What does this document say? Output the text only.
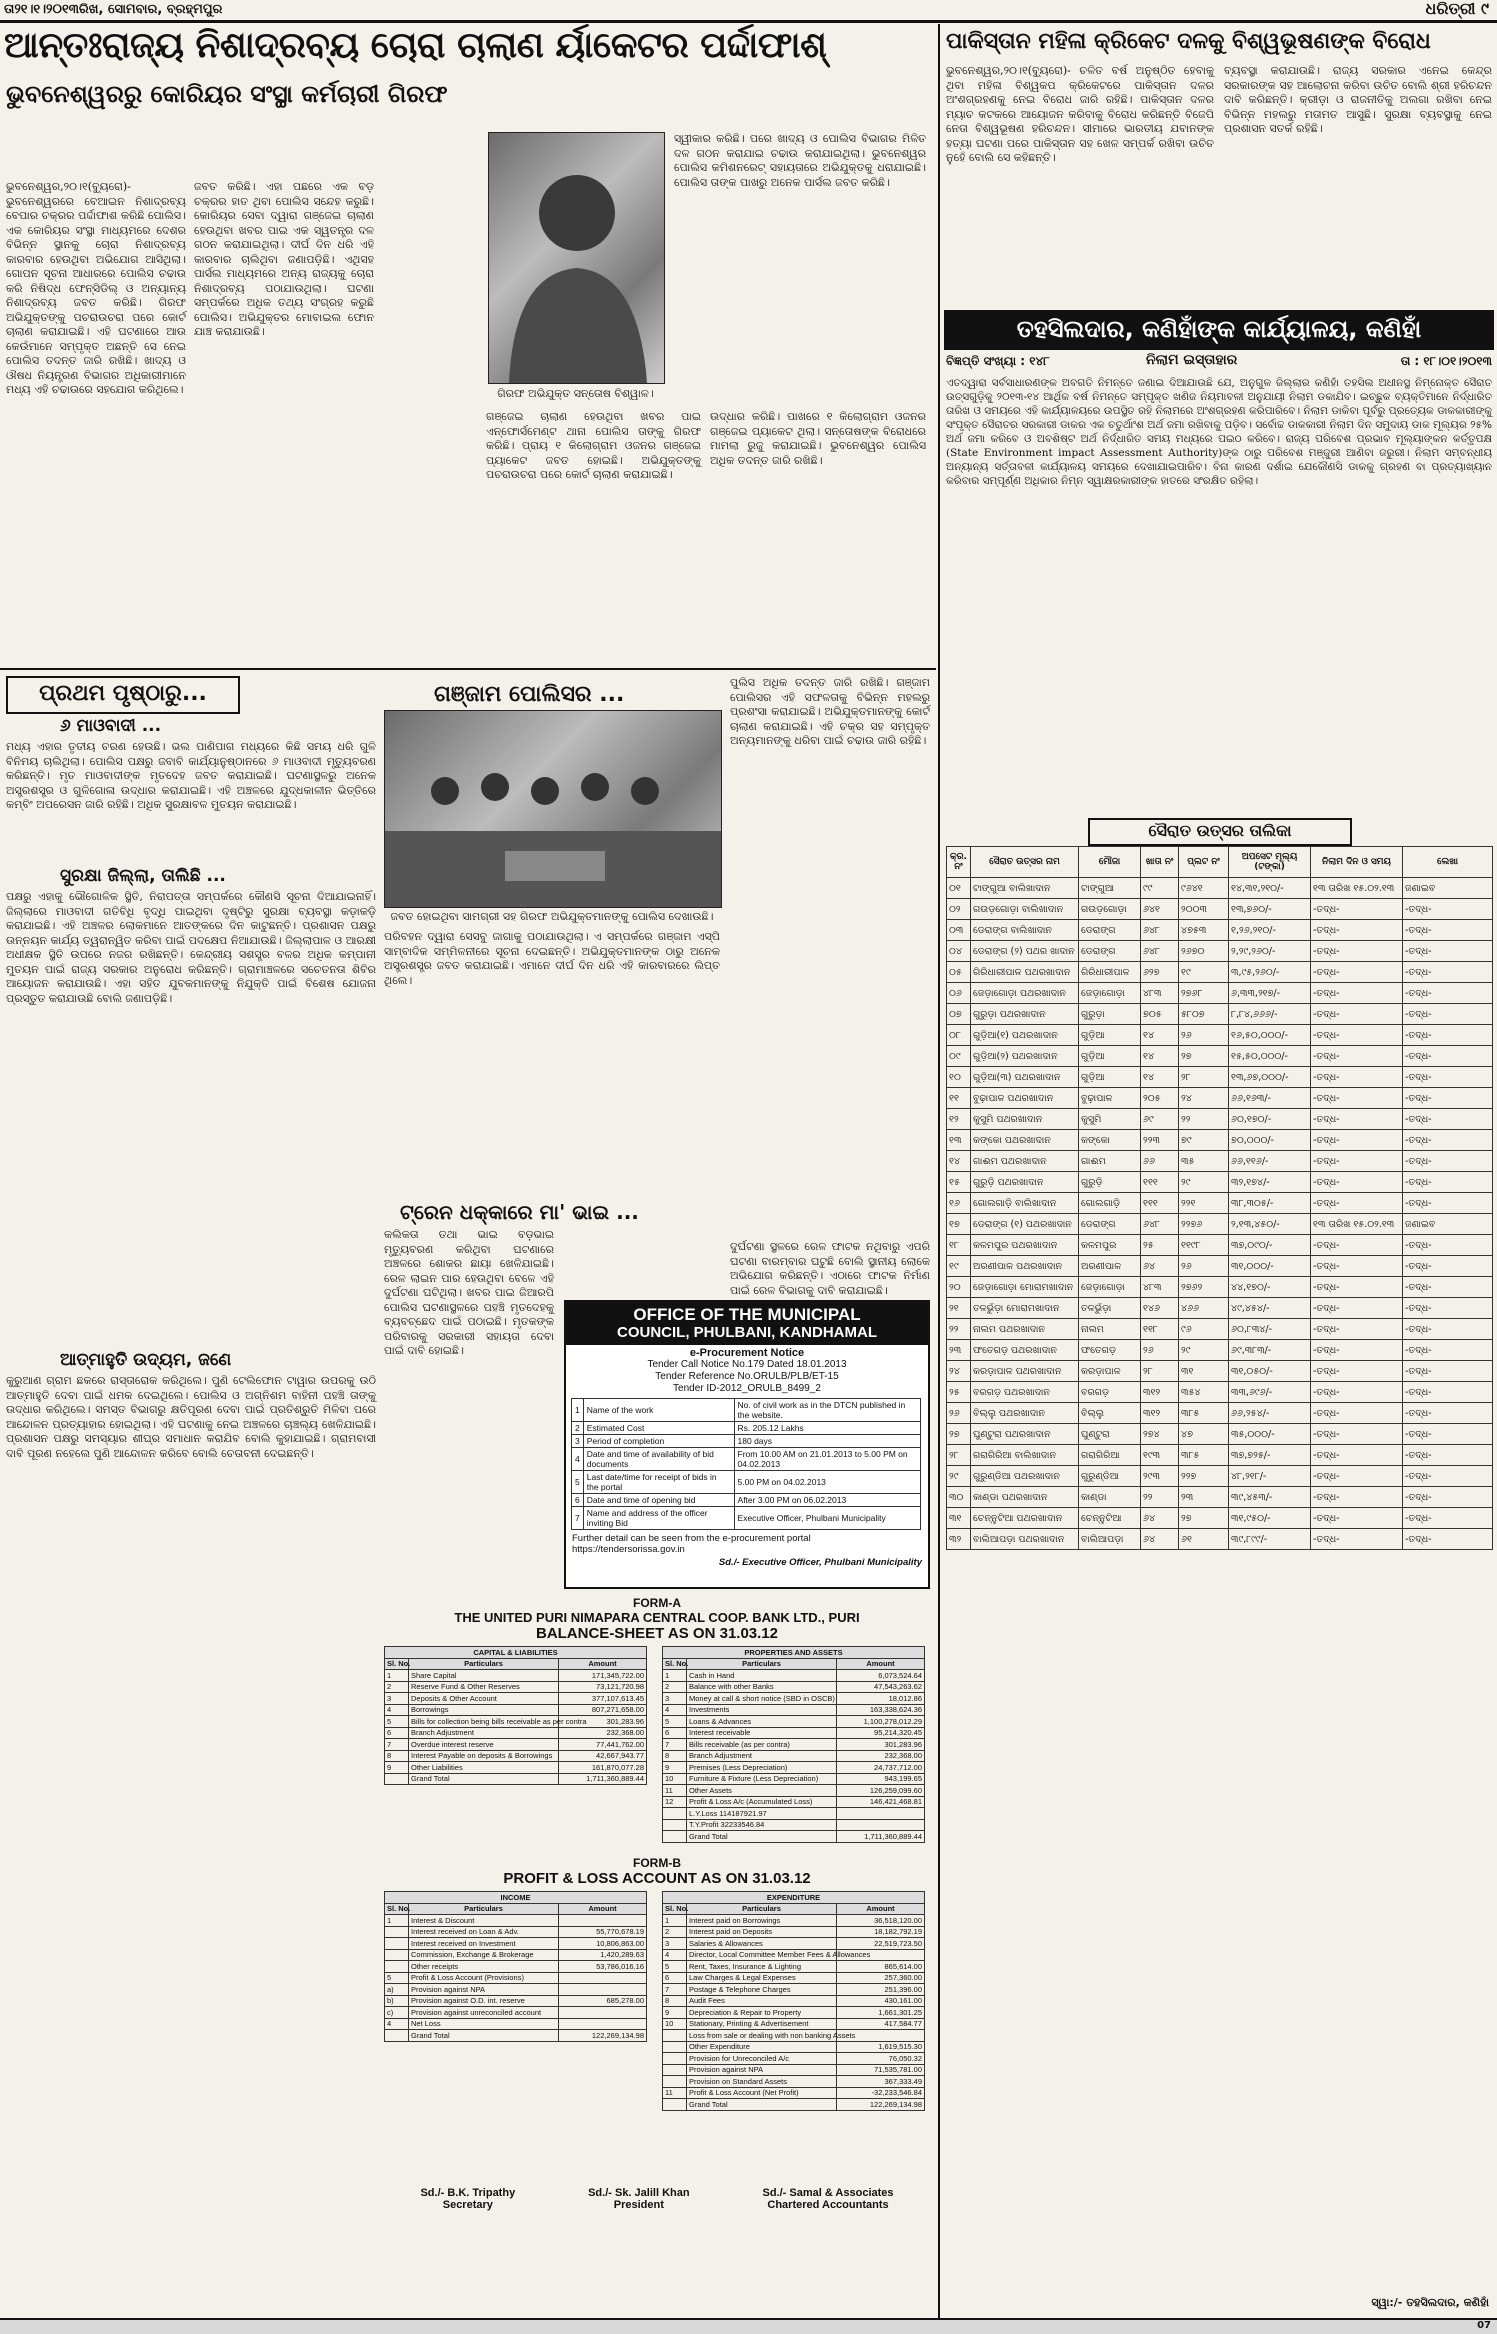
ତା୨୧।୧।୨୦୧୩ରିଖ, ସୋମବାର, ବ୍ରହ୍ମପୁର	ଧରିତ୍ରୀ ୯
ଆନ୍ତଃରାଜ୍ୟ ନିଶାଦ୍ରବ୍ୟ ଚୋରା ଚାଲାଣ ର୍ୟାକେଟର ପର୍ଦ୍ଦାଫାଶ୍
ଭୁବନେଶ୍ୱରରୁ କୋରିୟର ସଂସ୍ଥା କର୍ମଚାରୀ ଗିରଫ
ଭୁବନେଶ୍ୱର,୨୦।୧(ବ୍ୟୁରୋ)- ଭୁବନେଶ୍ୱରରେ ବେଆଇନ ନିଶାଦ୍ରବ୍ୟ ବେପାର ଚକ୍ରର ପର୍ଦ୍ଦାଫାଶ କରିଛି ପୋଲିସ। ଏକ କୋରିୟର ସଂସ୍ଥା ମାଧ୍ୟମରେ ଦେଶର ବିଭିନ୍ନ ସ୍ଥାନକୁ ଚୋରା ନିଶାଦ୍ରବ୍ୟ କାରବାର ହେଉଥିବା ଅଭିଯୋଗ ଆସିଥିଲା। ଗୋପନ ସୂଚନା ଆଧାରରେ ପୋଲିସ ଚଢାଉ କରି ନିଷିଦ୍ଧ ଫେନ୍ସିଡିଲ୍ ଓ ଅନ୍ୟାନ୍ୟ ନିଶାଦ୍ରବ୍ୟ ଜବତ କରିଛି। ଗିରଫ ଅଭିଯୁକ୍ତଙ୍କୁ ପଚରାଉଚରା ପରେ କୋର୍ଟ ଚାଲାଣ କରାଯାଇଛି। ଏହି ଘଟଣାରେ ଆଉ କେଉଁମାନେ ସମ୍ପୃକ୍ତ ଅଛନ୍ତି ସେ ନେଇ ପୋଲିସ ତଦନ୍ତ ଜାରି ରଖିଛି। ଖାଦ୍ୟ ଓ ଔଷଧ ନିୟନ୍ତ୍ରଣ ବିଭାଗର ଅଧିକାରୀମାନେ ମଧ୍ୟ ଏହି ଚଢାଉରେ ସହଯୋଗ କରିଥିଲେ।
ଜବତ କରିଛି। ଏହା ପଛରେ ଏକ ବଡ଼ ଚକ୍ରର ହାତ ଥିବା ପୋଲିସ ସନ୍ଦେହ କରୁଛି। କୋରିୟର ସେବା ଦ୍ୱାରା ଗଞ୍ଜେଇ ଚାଲାଣ ହେଉଥିବା ଖବର ପାଇ ଏକ ସ୍ୱତନ୍ତ୍ର ଦଳ ଗଠନ କରାଯାଇଥିଲା। ଦୀର୍ଘ ଦିନ ଧରି ଏହି କାରବାର ଚାଲିଥିବା ଜଣାପଡ଼ିଛି। ଏଥିସହ ପାର୍ସଲ ମାଧ୍ୟମରେ ଅନ୍ୟ ରାଜ୍ୟକୁ ଚୋରା ନିଶାଦ୍ରବ୍ୟ ପଠାଯାଉଥିଲା। ଘଟଣା ସମ୍ପର୍କରେ ଅଧିକ ତଥ୍ୟ ସଂଗ୍ରହ କରୁଛି ପୋଲିସ। ଅଭିଯୁକ୍ତର ମୋବାଇଲ ଫୋନ ଯାଞ୍ଚ କରାଯାଉଛି।
ଗିରଫ ଅଭିଯୁକ୍ତ ସନ୍ତୋଷ ବିଶ୍ୱାଳ।
ସ୍ୱୀକାର କରିଛି। ପରେ ଖାଦ୍ୟ ଓ ପୋଲିସ ବିଭାଗର ମିଳିତ ଦଳ ଗଠନ କରାଯାଇ ଚଢାଉ କରାଯାଇଥିଲା। ଭୁବନେଶ୍ୱର ପୋଲିସ କମିଶନରେଟ୍ ସହାୟତାରେ ଅଭିଯୁକ୍ତକୁ ଧରାଯାଇଛି। ପୋଲିସ ତାଙ୍କ ପାଖରୁ ଅନେକ ପାର୍ସଲ ଜବତ କରିଛି।
ଗଞ୍ଜେଇ ଚାଲାଣ ହେଉଥିବା ଖବର ପାଇ ଏନ୍ଫୋର୍ସମେଣ୍ଟ ଥାନା ପୋଲିସ ତାଙ୍କୁ ଗିରଫ କରିଛି। ପ୍ରାୟ ୧ କିଲୋଗ୍ରାମ ଓଜନର ଗଞ୍ଜେଇ ପ୍ୟାକେଟ ଜବତ ହୋଇଛି। ଅଭିଯୁକ୍ତଙ୍କୁ ପଚରାଉଚରା ପରେ କୋର୍ଟ ଚାଲାଣ କରାଯାଇଛି।
ଉଦ୍ଧାର କରିଛି। ପାଖରେ ୧ କିଲୋଗ୍ରାମ ଓଜନର ଗଞ୍ଜେଇ ପ୍ୟାକେଟ ଥିଲା। ସନ୍ତୋଷଙ୍କ ବିରୋଧରେ ମାମଲା ରୁଜୁ କରାଯାଇଛି। ଭୁବନେଶ୍ୱର ପୋଲିସ ଅଧିକ ତଦନ୍ତ ଜାରି ରଖିଛି।
ପାକିସ୍ତାନ ମହିଳା କ୍ରିକେଟ ଦଳକୁ ବିଶ୍ୱଭୂଷଣଙ୍କ ବିରୋଧ
ଭୁବନେଶ୍ୱର,୨୦।୧(ବ୍ୟୁରୋ)- ଚଳିତ ବର୍ଷ ଅନୁଷ୍ଠିତ ହେବାକୁ ଥିବା ମହିଳା ବିଶ୍ୱକପ କ୍ରିକେଟରେ ପାକିସ୍ତାନ ଦଳର ଅଂଶଗ୍ରହଣକୁ ନେଇ ବିରୋଧ ଜାରି ରହିଛି। ପାକିସ୍ତାନ ଦଳର ମ୍ୟାଚ କଟକରେ ଆୟୋଜନ କରିବାକୁ ବିରୋଧ କରିଛନ୍ତି ବିଜେପି ନେତା ବିଶ୍ୱଭୂଷଣ ହରିଚନ୍ଦନ। ସୀମାରେ ଭାରତୀୟ ଯବାନଙ୍କ ହତ୍ୟା ଘଟଣା ପରେ ପାକିସ୍ତାନ ସହ ଖେଳ ସମ୍ପର୍କ ରଖିବା ଉଚିତ ନୁହେଁ ବୋଲି ସେ କହିଛନ୍ତି।
ବ୍ୟବସ୍ଥା କରାଯାଉଛି। ରାଜ୍ୟ ସରକାର ଏନେଇ କେନ୍ଦ୍ର ସରକାରଙ୍କ ସହ ଆଲୋଚନା କରିବା ଉଚିତ ବୋଲି ଶ୍ରୀ ହରିଚନ୍ଦନ ଦାବି କରିଛନ୍ତି। କ୍ରୀଡ଼ା ଓ ରାଜନୀତିକୁ ଅଲଗା ରଖିବା ନେଇ ବିଭିନ୍ନ ମହଲରୁ ମତାମତ ଆସୁଛି। ସୁରକ୍ଷା ବ୍ୟବସ୍ଥାକୁ ନେଇ ପ୍ରଶାସନ ସତର୍କ ରହିଛି।
ତହସିଲଦାର, କଣିହାଁଙ୍କ କାର୍ଯ୍ୟାଳୟ, କଣିହାଁ
ବିଜ୍ଞପ୍ତି ସଂଖ୍ୟା : ୧୪୮	ନିଲାମ ଇସ୍ତାହାର	ତା : ୧୮।୦୧।୨୦୧୩
ଏତଦ୍ୱାରା ସର୍ବସାଧାରଣଙ୍କ ଅବଗତି ନିମନ୍ତେ ଜଣାଇ ଦିଆଯାଉଛି ଯେ, ଅନୁଗୁଳ ଜିଲ୍ଲାର କଣିହାଁ ତହସିଲ ଅଧୀନସ୍ଥ ନିମ୍ନୋକ୍ତ ସୈରାତ ଉତ୍ସଗୁଡ଼ିକୁ ୨୦୧୩-୧୪ ଆର୍ଥିକ ବର୍ଷ ନିମନ୍ତେ ସମ୍ପୃକ୍ତ ଖଣିଜ ନିୟମାବଳୀ ଅନୁଯାୟୀ ନିଲାମ ଡକାଯିବ। ଇଚ୍ଛୁକ ବ୍ୟକ୍ତିମାନେ ନିର୍ଦ୍ଧାରିତ ତାରିଖ ଓ ସମୟରେ ଏହି କାର୍ଯ୍ୟାଳୟରେ ଉପସ୍ଥିତ ରହି ନିଲାମରେ ଅଂଶଗ୍ରହଣ କରିପାରିବେ। ନିଲାମ ଡାକିବା ପୂର୍ବରୁ ପ୍ରତ୍ୟେକ ଡାକକାରୀଙ୍କୁ ସଂପୃକ୍ତ ସୈରାତର ସରକାରୀ ଡାକର ଏକ ଚତୁର୍ଥାଂଶ ଅର୍ଥ ଜମା ରଖିବାକୁ ପଡ଼ିବ। ସର୍ବୋଚ୍ଚ ଡାକକାରୀ ନିଲାମ ଦିନ ସମୁଦାୟ ଡାକ ମୂଲ୍ୟର ୨୫% ଅର୍ଥ ଜମା କରିବେ ଓ ଅବଶିଷ୍ଟ ଅର୍ଥ ନିର୍ଦ୍ଧାରିତ ସମୟ ମଧ୍ୟରେ ପଇଠ କରିବେ। ରାଜ୍ୟ ପରିବେଶ ପ୍ରଭାବ ମୂଲ୍ୟାଙ୍କନ କର୍ତ୍ତୃପକ୍ଷ (State Environment impact Assessment Authority)ଙ୍କ ଠାରୁ ପରିବେଶ ମଞ୍ଜୁରୀ ଆଣିବା ଜରୁରୀ। ନିଲାମ ସମ୍ବନ୍ଧୀୟ ଅନ୍ୟାନ୍ୟ ସର୍ତ୍ତାବଳୀ କାର୍ଯ୍ୟାଳୟ ସମୟରେ ଦେଖାଯାଇପାରିବ। ବିନା କାରଣ ଦର୍ଶାଇ ଯେକୌଣସି ଡାକକୁ ଗ୍ରହଣ ବା ପ୍ରତ୍ୟାଖ୍ୟାନ କରିବାର ସମ୍ପୂର୍ଣ୍ଣ ଅଧିକାର ନିମ୍ନ ସ୍ୱାକ୍ଷରକାରୀଙ୍କ ହାତରେ ସଂରକ୍ଷିତ ରହିଲା।
ସୈରାତ ଉତ୍ସର ତାଲିକା
କ୍ର. ନଂ	ସୈରାତ ଉତ୍ସର ନାମ	ମୌଜା	ଖାତା ନଂ	ପ୍ଲଟ ନଂ	ଅପସେଟ ମୂଲ୍ୟ (ଟଙ୍କା)	ନିଲାମ ଦିନ ଓ ସମୟ	ଲେଖା
୦୧	ଟାଙ୍ଗୁଆ ବାଲିଖାଦାନ	ଟାଙ୍ଗୁଆ	୯୯	୯୬୪୧	୧୪,୩୧,୨୧୦/-	୧୩ ତାରିଖ ୧୫.୦୨.୧୩	ଜଣାଇବ
୦୨	ଗଉଡ଼ଗୋଡ଼ା ବାଲିଖାଦାନ	ଗଉଡ଼ଗୋଡ଼ା	୬୪୧	୨୦୦୩	୧୩,୭୬୦/-	-ତଦ୍ଧ-	-ତଦ୍ଧ-
୦୩	ଡେରାଙ୍ଗ ବାଲିଖାଦାନ	ଡେରାଙ୍ଗ	୬୪୮	୪୭୫୩	୧,୨୬,୨୧୦/-	-ତଦ୍ଧ-	-ତଦ୍ଧ-
୦୪	ଡେରାଙ୍ଗ (୨) ପଥର ଖାଦାନ	ଡେରାଙ୍ଗ	୬୪୮	୨୬୭୦	୨,୨୯,୨୬୦/-	-ତଦ୍ଧ-	-ତଦ୍ଧ-
୦୫	ଗିରିଧାରୀପାଳ ପଥରଖାଦାନ	ଗିରିଧାରୀପାଳ	୬୨୭	୧୯	୩,୯୫,୨୬୦/-	-ତଦ୍ଧ-	-ତଦ୍ଧ-
୦୬	ଜେଡ଼ାଗୋଡ଼ା ପଥରଖାଦାନ	ଜେଡ଼ାଗୋଡ଼ା	୪୮୩	୨୭୬୮	୬,୩୩,୨୧୭/-	-ତଦ୍ଧ-	-ତଦ୍ଧ-
୦୭	ଗୁରୁଡ଼ା ପଥରଖାଦାନ	ଗୁରୁଡ଼ା	୭୦୫	୫୮୦୭	୮,୮୪,୬୬୬/-	-ତଦ୍ଧ-	-ତଦ୍ଧ-
୦୮	ଗୁଡ଼ିଆ(୧) ପଥରଖାଦାନ	ଗୁଡ଼ିଆ	୧୪	୨୬	୧୬,୫୦,୦୦୦/-	-ତଦ୍ଧ-	-ତଦ୍ଧ-
୦୯	ଗୁଡ଼ିଆ(୨) ପଥରଖାଦାନ	ଗୁଡ଼ିଆ	୧୪	୨୭	୧୫,୫୦,୦୦୦/-	-ତଦ୍ଧ-	-ତଦ୍ଧ-
୧୦	ଗୁଡ଼ିଆ(୩) ପଥରଖାଦାନ	ଗୁଡ଼ିଆ	୧୪	୨୮	୧୩,୬୭,୦୦୦/-	-ତଦ୍ଧ-	-ତଦ୍ଧ-
୧୧	ବୁଢ଼ାପାଳ ପଥରଖାଦାନ	ବୁଢ଼ାପାଳ	୨୦୫	୨୪	୬୬,୧୬୩/-	-ତଦ୍ଧ-	-ତଦ୍ଧ-
୧୨	କୁସୁମି ପଥରଖାଦାନ	କୁସୁମି	୬୯	୨୨	୬୦,୧୭୦/-	-ତଦ୍ଧ-	-ତଦ୍ଧ-
୧୩	କଙ୍କୋ ପଥରଖାଦାନ	କଙ୍କୋ	୨୨୩	୭୯	୭୦,୦୦୦/-	-ତଦ୍ଧ-	-ତଦ୍ଧ-
୧୪	ଗାଈମ ପଥରଖାଦାନ	ଗାଈମ	୬୬	୩୫	୬୬,୧୧୬/-	-ତଦ୍ଧ-	-ତଦ୍ଧ-
୧୫	ଗୁରୁଡ଼ି ପଥରଖାଦାନ	ଗୁରୁଡ଼ି	୧୧୧	୨୯	୩୨,୧୭୪/-	-ତଦ୍ଧ-	-ତଦ୍ଧ-
୧୬	ଗୋଲଗାଡ଼ି ବାଲିଖାଦାନ	ଗୋଲଗାଡ଼ି	୧୧୧	୨୨୧	୩୮,୩୦୫/-	-ତଦ୍ଧ-	-ତଦ୍ଧ-
୧୭	ଡେରାଙ୍ଗ (୧) ପଥରଖାଦାନ	ଡେରାଙ୍ଗ	୬୪୮	୨୨୭୬	୨,୧୩,୪୫୦/-	୧୩ ତାରିଖ ୧୫.୦୨.୧୩	ଜଣାଇବ
୧୮	କଳମପୁର ପଥରଖାଦାନ	କଳମପୁର	୨୫	୧୧୯୮	୩୭,୦୯୦/-	-ତଦ୍ଧ-	-ତଦ୍ଧ-
୧୯	ଅରଣୀପାଳ ପଥରଖାଦାନ	ଅରଣୀପାଳ	୬୪	୨୬	୩୧,୦୦୦/-	-ତଦ୍ଧ-	-ତଦ୍ଧ-
୨୦	ଜେଡ଼ାଗୋଡ଼ା ମୋରାମଖାଦାନ	ଜେଡ଼ାଗୋଡ଼ା	୪୮୩	୨୭୬୨	୪୪,୧୭୦/-	-ତଦ୍ଧ-	-ତଦ୍ଧ-
୨୧	ତଳଭୁଁଡ଼ା ମୋରାମଖାଦାନ	ତଳଭୁଁଡ଼ା	୧୪୬	୪୬୬	୪୯,୪୫୪/-	-ତଦ୍ଧ-	-ତଦ୍ଧ-
୨୨	ନାଲମ ପଥରଖାଦାନ	ନାଲମ	୧୧୮	୯୬	୬୦,୮୩୪/-	-ତଦ୍ଧ-	-ତଦ୍ଧ-
୨୩	ଫତେଗଡ଼ ପଥରଖାଦାନ	ଫତେଗଡ଼	୨୬	୨୯	୬୯,୩୮୩/-	-ତଦ୍ଧ-	-ତଦ୍ଧ-
୨୪	କରଡ଼ାପାଳ ପଥରଖାଦାନ	କରଡ଼ାପାଳ	୨୮	୩୧	୩୧,୦୫୦/-	-ତଦ୍ଧ-	-ତଦ୍ଧ-
୨୫	ବରଗଡ଼ ପଥରଖାଦାନ	ବରଗଡ଼	୩୧୨	୩୫୪	୩୩,୬୯୬/-	-ତଦ୍ଧ-	-ତଦ୍ଧ-
୨୬	ବିଲ୍ଲୁ ପଥରଖାଦାନ	ବିଲ୍ଲୁ	୩୧୨	୩୮୫	୬୬,୨୫୪/-	-ତଦ୍ଧ-	-ତଦ୍ଧ-
୨୭	ଘୁଣ୍ଟୁରା ପଥରଖାଦାନ	ଘୁଣ୍ଟୁରା	୨୭୪	୪୭	୩୫,୦୦୦/-	-ତଦ୍ଧ-	-ତଦ୍ଧ-
୨୮	ଗରାଗିରିଆ ବାଲିଖାଦାନ	ଗରାଗିରିଆ	୧୯୩	୩୮୫	୩୭,୭୨୫/-	-ତଦ୍ଧ-	-ତଦ୍ଧ-
୨୯	ଗୁରୁଣ୍ଡିଆ ପଥରଖାଦାନ	ଗୁରୁଣ୍ଡିଆ	୨୯୩	୨୨୭	୪୮,୨୧୮/-	-ତଦ୍ଧ-	-ତଦ୍ଧ-
୩୦	କାଣ୍ଡା ପଥରଖାଦାନ	କାଣ୍ଡା	୨୨	୨୩	୩୯,୪୫୩/-	-ତଦ୍ଧ-	-ତଦ୍ଧ-
୩୧	ଚେନ୍ନୁଟିଆ ପଥରଖାଦାନ	ଚେନ୍ନୁଟିଆ	୬୪	୨୭	୩୧,୯୫୦/-	-ତଦ୍ଧ-	-ତଦ୍ଧ-
୩୨	ବାଲିଆପଡ଼ା ପଥରଖାଦାନ	ବାଲିଆପଡ଼ା	୬୪	୬୧	୩୯,୮୯୯/-	-ତଦ୍ଧ-	-ତଦ୍ଧ-
ସ୍ୱା:/- ତହସିଲଦାର, କଣିହାଁ
ପ୍ରଥମ ପୃଷ୍ଠାରୁ...
୬ ମାଓବାଦୀ ...
ମଧ୍ୟ ଏହାର ତୃତୀୟ ଚରଣ ହେଉଛି। ଭଲ ପାଣିପାଗ ମଧ୍ୟରେ କିଛି ସମୟ ଧରି ଗୁଳି ବିନିମୟ ଚାଲିଥିଲା। ପୋଲିସ ପକ୍ଷରୁ ଜବାବି କାର୍ଯ୍ୟାନୁଷ୍ଠାନରେ ୬ ମାଓବାଦୀ ମୃତ୍ୟୁବରଣ କରିଛନ୍ତି। ମୃତ ମାଓବାଦୀଙ୍କ ମୃତଦେହ ଜବତ କରାଯାଇଛି। ଘଟଣାସ୍ଥଳରୁ ଅନେକ ଅସ୍ତ୍ରଶସ୍ତ୍ର ଓ ଗୁଳିଗୋଳା ଉଦ୍ଧାର କରାଯାଇଛି। ଏହି ଅଞ୍ଚଳରେ ଯୁଦ୍ଧକାଳୀନ ଭିତ୍ତିରେ କମ୍ବିଂ ଅପରେସନ ଜାରି ରହିଛି। ଅଧିକ ସୁରକ୍ଷାବଳ ମୁତୟନ କରାଯାଇଛି।
ସୁରକ୍ଷା ଜିଲ୍ଲା, ତାଲିଛି ...
ପକ୍ଷରୁ ଏହାକୁ ଭୌଗୋଳିକ ସ୍ଥିତି, ନିରାପତ୍ତା ସମ୍ପର୍କରେ କୌଣସି ସୂଚନା ଦିଆଯାଇନାହିଁ। ଜିଲ୍ଲାରେ ମାଓବାଦୀ ଗତିବିଧି ବୃଦ୍ଧି ପାଇଥିବା ଦୃଷ୍ଟିରୁ ସୁରକ୍ଷା ବ୍ୟବସ୍ଥା କଡ଼ାକଡ଼ି କରାଯାଇଛି। ଏହି ଅଞ୍ଚଳର ଲୋକମାନେ ଆତଙ୍କରେ ଦିନ କାଟୁଛନ୍ତି। ପ୍ରଶାସନ ପକ୍ଷରୁ ଉନ୍ନୟନ କାର୍ଯ୍ୟ ତ୍ୱରାନ୍ୱିତ କରିବା ପାଇଁ ପଦକ୍ଷେପ ନିଆଯାଉଛି। ଜିଲ୍ଲାପାଳ ଓ ଆରକ୍ଷୀ ଅଧୀକ୍ଷକ ସ୍ଥିତି ଉପରେ ନଜର ରଖିଛନ୍ତି। କେନ୍ଦ୍ରୀୟ ସଶସ୍ତ୍ର ବଳର ଅଧିକ କମ୍ପାନୀ ମୁତୟନ ପାଇଁ ରାଜ୍ୟ ସରକାର ଅନୁରୋଧ କରିଛନ୍ତି। ଗ୍ରାମାଞ୍ଚଳରେ ସଚେତନତା ଶିବିର ଆୟୋଜନ କରାଯାଉଛି। ଏହା ସହିତ ଯୁବକମାନଙ୍କୁ ନିଯୁକ୍ତି ପାଇଁ ବିଶେଷ ଯୋଜନା ପ୍ରସ୍ତୁତ କରାଯାଉଛି ବୋଲି ଜଣାପଡ଼ିଛି।
ଆତ୍ମାହୁତି ଉଦ୍ୟମ, ଜଣେ
କୁରୁଆଣ ଗ୍ରାମ ଛକରେ ରାସ୍ତାରୋକ କରିଥିଲେ। ପୁଣି ଟେଲିଫୋନ ଟାୱାର ଉପରକୁ ଉଠି ଆତ୍ମାହୁତି ଦେବା ପାଇଁ ଧମକ ଦେଇଥିଲେ। ପୋଲିସ ଓ ଅଗ୍ନିଶମ ବାହିନୀ ପହଞ୍ଚି ତାଙ୍କୁ ଉଦ୍ଧାର କରିଥିଲେ। ସମସ୍ତ ବିଭାଗରୁ କ୍ଷତିପୂରଣ ଦେବା ପାଇଁ ପ୍ରତିଶ୍ରୁତି ମିଳିବା ପରେ ଆନ୍ଦୋଳନ ପ୍ରତ୍ୟାହାର ହୋଇଥିଲା। ଏହି ଘଟଣାକୁ ନେଇ ଅଞ୍ଚଳରେ ଚାଞ୍ଚଲ୍ୟ ଖେଳିଯାଇଛି। ପ୍ରଶାସନ ପକ୍ଷରୁ ସମସ୍ୟାର ଶୀଘ୍ର ସମାଧାନ କରାଯିବ ବୋଲି କୁହାଯାଇଛି। ଗ୍ରାମବାସୀ ଦାବି ପୂରଣ ନହେଲେ ପୁଣି ଆନ୍ଦୋଳନ କରିବେ ବୋଲି ଚେତାବନୀ ଦେଇଛନ୍ତି।
ଗଞ୍ଜାମ ପୋଲିସର ...
ଜବତ ହୋଇଥିବା ସାମଗ୍ରୀ ସହ ଗିରଫ ଅଭିଯୁକ୍ତମାନଙ୍କୁ ପୋଲିସ ଦେଖାଉଛି।
ପରିବହନ ଦ୍ୱାରା ସେସବୁ ଜାଗାକୁ ପଠାଯାଉଥିଲା। ଏ ସମ୍ପର୍କରେ ଗଞ୍ଜାମ ଏସ୍ପି ସାମ୍ବାଦିକ ସମ୍ମିଳନୀରେ ସୂଚନା ଦେଇଛନ୍ତି। ଅଭିଯୁକ୍ତମାନଙ୍କ ଠାରୁ ଅନେକ ଅସ୍ତ୍ରଶସ୍ତ୍ର ଜବତ କରାଯାଇଛି। ଏମାନେ ଦୀର୍ଘ ଦିନ ଧରି ଏହି କାରବାରରେ ଲିପ୍ତ ଥିଲେ।
ପୁଲିସ ଅଧିକ ତଦନ୍ତ ଜାରି ରଖିଛି। ଗଞ୍ଜାମ ପୋଲିସର ଏହି ସଫଳତାକୁ ବିଭିନ୍ନ ମହଲରୁ ପ୍ରଶଂସା କରାଯାଇଛି। ଅଭିଯୁକ୍ତମାନଙ୍କୁ କୋର୍ଟ ଚାଲାଣ କରାଯାଇଛି। ଏହି ଚକ୍ର ସହ ସମ୍ପୃକ୍ତ ଅନ୍ୟମାନଙ୍କୁ ଧରିବା ପାଇଁ ଚଢାଉ ଜାରି ରହିଛି।
ଟ୍ରେନ ଧକ୍କାରେ ମା' ଭାଇ ...
କଲିକତା ତଥା ଭାଇ ବଡ଼ଭାଇ ମୃତ୍ୟୁବରଣ କରିଥିବା ଘଟଣାରେ ଅଞ୍ଚଳରେ ଶୋକର ଛାୟା ଖେଳିଯାଇଛି। ରେଳ ଲାଇନ ପାର ହେଉଥିବା ବେଳେ ଏହି ଦୁର୍ଘଟଣା ଘଟିଥିଲା। ଖବର ପାଇ ଜିଆରପି ପୋଲିସ ଘଟଣାସ୍ଥଳରେ ପହଞ୍ଚି ମୃତଦେହକୁ ବ୍ୟବଚ୍ଛେଦ ପାଇଁ ପଠାଇଛି। ମୃତକଙ୍କ ପରିବାରକୁ ସରକାରୀ ସହାୟତା ଦେବା ପାଇଁ ଦାବି ହୋଇଛି।
ଦୁର୍ଘଟଣା ସ୍ଥଳରେ ରେଳ ଫାଟକ ନଥିବାରୁ ଏପରି ଘଟଣା ବାରମ୍ବାର ଘଟୁଛି ବୋଲି ସ୍ଥାନୀୟ ଲୋକେ ଅଭିଯୋଗ କରିଛନ୍ତି। ଏଠାରେ ଫାଟକ ନିର୍ମାଣ ପାଇଁ ରେଳ ବିଭାଗକୁ ଦାବି କରାଯାଇଛି।
OFFICE OF THE MUNICIPAL
COUNCIL, PHULBANI, KANDHAMAL
e-Procurement Notice
Tender Call Notice No.179 Dated 18.01.2013
Tender Reference No.ORULB/PLB/ET-15
Tender ID-2012_ORULB_8499_2
1	Name of the work	No. of civil work as in the DTCN published in the website.
2	Estimated Cost	Rs. 205.12 Lakhs
3	Period of completion	180 days
4	Date and time of availability of bid documents	From 10.00 AM on 21.01.2013 to 5.00 PM on 04.02.2013
5	Last date/time for receipt of bids in the portal	5.00 PM on 04.02.2013
6	Date and time of opening bid	After 3.00 PM on 06.02.2013
7	Name and address of the officer inviting Bid	Executive Officer, Phulbani Municipality
Further detail can be seen from the e-procurement portal https://tendersorissa.gov.in
Sd./- Executive Officer, Phulbani Municipality
FORM-A
THE UNITED PURI NIMAPARA CENTRAL COOP. BANK LTD., PURI
BALANCE-SHEET AS ON 31.03.12
CAPITAL & LIABILITIES		
Sl. No.	Particulars	Amount
1	Share Capital	171,345,722.00
2	Reserve Fund & Other Reserves	73,121,720.98
3	Deposits & Other Account	377,107,613.45
4	Borrowings	807,271,658.00
5	Bills for collection being bills receivable as per contra	301,283.96
6	Branch Adjustment	232,368.00
7	Overdue interest reserve	77,441,762.00
8	Interest Payable on deposits & Borrowings	42,667,943.77
9	Other Liabilities	161,870,077.28
	Grand Total	1,711,360,889.44
PROPERTIES AND ASSETS		
Sl. No.	Particulars	Amount
1	Cash in Hand	6,073,524.64
2	Balance with other Banks	47,543,263.62
3	Money at call & short notice (SBD in OSCB)	18,012.86
4	Investments	163,338,624.36
5	Loans & Advances	1,100,278,012.29
6	Interest receivable	95,214,320.45
7	Bills receivable (as per contra)	301,283.96
8	Branch Adjustment	232,368.00
9	Premises (Less Depreciation)	24,737,712.00
10	Furniture & Fixture (Less Depreciation)	943,199.65
11	Other Assets	126,259,099.60
12	Profit & Loss A/c (Accumulated Loss)	146,421,468.81
	L.Y.Loss 114187921.97	
	T.Y.Profit 32233546.84	
	Grand Total	1,711,360,889.44
FORM-B
PROFIT & LOSS ACCOUNT AS ON 31.03.12
INCOME		
Sl. No.	Particulars	Amount
1	Interest & Discount	
	Interest received on Loan & Adv.	55,770,678.19
	Interest received on Investment	10,806,863.00
	Commission, Exchange & Brokerage	1,420,289.63
	Other receipts	53,786,016.16
5	Profit & Loss Account (Provisions)	
a)	Provision against NPA	
b)	Provision against O.D. int. reserve	685,278.00
c)	Provision against unreconciled account	
4	Net Loss	
	Grand Total	122,269,134.98
EXPENDITURE		
Sl. No.	Particulars	Amount
1	Interest paid on Borrowings	36,518,120.00
2	Interest paid on Deposits	18,182,792.19
3	Salaries & Allowances	22,519,723.50
4	Director, Local Committee Member Fees & Allowances	
5	Rent, Taxes, Insurance & Lighting	865,614.00
6	Law Charges & Legal Expenses	257,360.00
7	Postage & Telephone Charges	251,396.00
8	Audit Fees	430,161.00
9	Depreciation & Repair to Property	1,661,301.25
10	Stationary, Printing & Advertisement	417,584.77
	Loss from sale or dealing with non banking Assets	
	Other Expenditure	1,619,515.30
	Provision for Unreconciled A/c	76,050.32
	Provision against NPA	71,535,781.00
	Provision on Standard Assets	367,333.49
11	Profit & Loss Account (Net Profit)	-32,233,546.84
	Grand Total	122,269,134.98
Sd./- B.K. Tripathy
Secretary
Sd./- Sk. Jalill Khan
President
Sd./- Samal & Associates
Chartered Accountants
07
